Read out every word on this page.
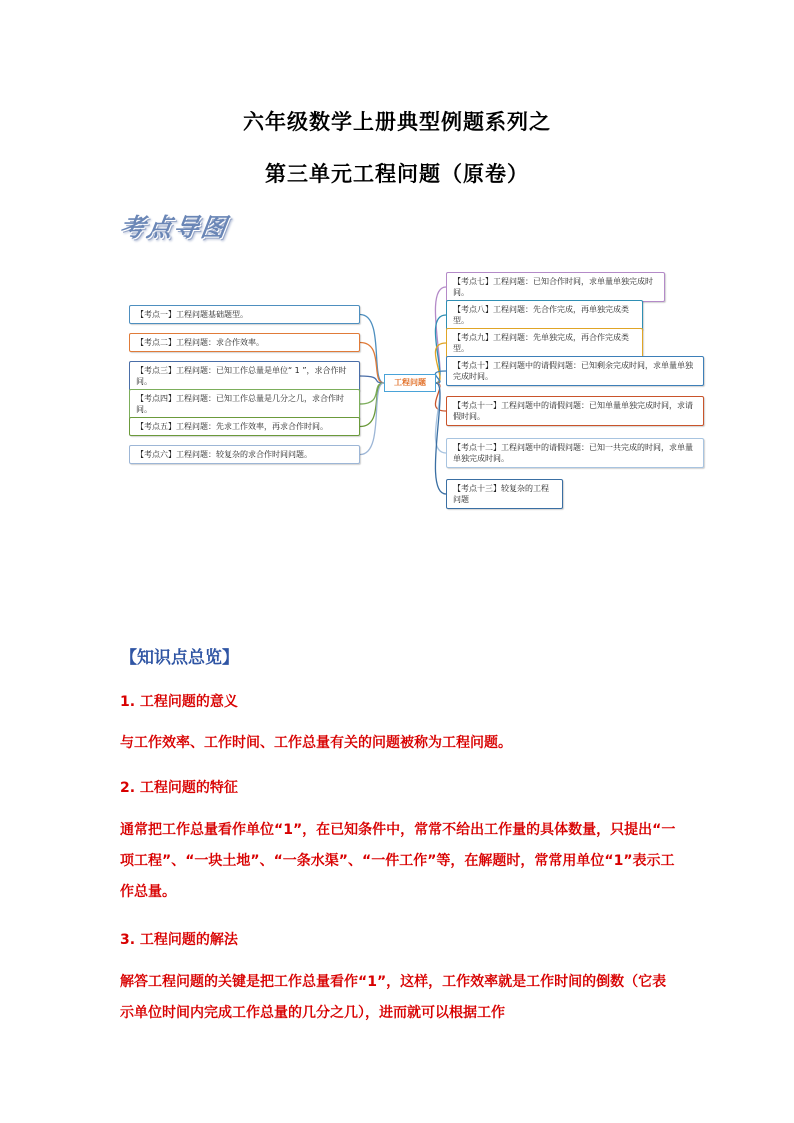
六年级数学上册典型例题系列之
第三单元工程问题（原卷）
考点导图
工程问题
【考点一】工程问题基础题型。
【考点二】工程问题：求合作效率。
【考点三】工程问题：已知工作总量是单位“ 1 ”，求合作时间。
【考点四】工程问题：已知工作总量是几分之几，求合作时间。
【考点五】工程问题：先求工作效率，再求合作时间。
【考点六】工程问题：较复杂的求合作时间问题。
【考点七】工程问题：已知合作时间，求单量单独完成时间。
【考点八】工程问题：先合作完成，再单独完成类型。
【考点九】工程问题：先单独完成，再合作完成类型。
【考点十】工程问题中的请假问题：已知剩余完成时间，求单量单独完成时间。
【考点十一】工程问题中的请假问题：已知单量单独完成时间，求请假时间。
【考点十二】工程问题中的请假问题：已知一共完成的时间，求单量单独完成时间。
【考点十三】较复杂的工程问题
【知识点总览】
1. 工程问题的意义

与工作效率、工作时间、工作总量有关的问题被称为工程问题。

2. 工程问题的特征

通常把工作总量看作单位“1”，在已知条件中，常常不给出工作量的具体数量，只提出“一项工程”、“一块土地”、“一条水渠”、“一件工作”等，在解题时，常常用单位“1”表示工作总量。

3. 工程问题的解法

解答工程问题的关键是把工作总量看作“1”，这样，工作效率就是工作时间的倒数（它表示单位时间内完成工作总量的几分之几），进而就可以根据工作
